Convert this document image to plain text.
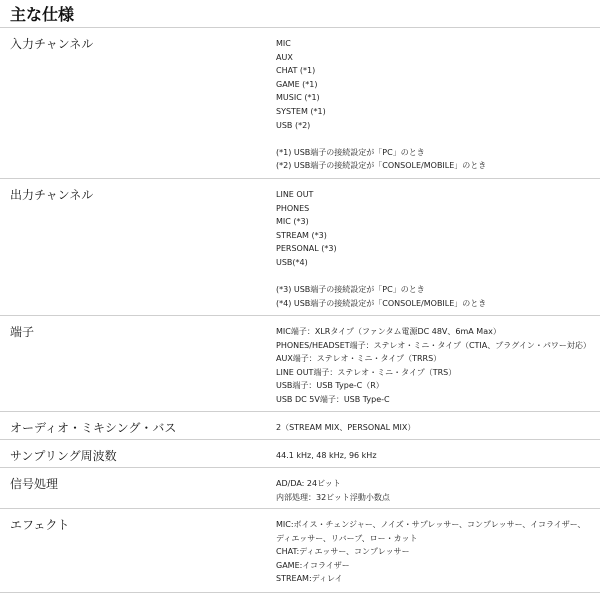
主な仕様
入力チャンネル	MIC
AUX
CHAT (*1)
GAME (*1)
MUSIC (*1)
SYSTEM (*1)
USB (*2)
(*1) USB端子の接続設定が「PC」のとき
(*2) USB端子の接続設定が「CONSOLE/MOBILE」のとき
出力チャンネル	LINE OUT
PHONES
MIC (*3)
STREAM (*3)
PERSONAL (*3)
USB(*4)
(*3) USB端子の接続設定が「PC」のとき
(*4) USB端子の接続設定が「CONSOLE/MOBILE」のとき
端子	MIC端子：XLRタイプ（ファンタム電源DC 48V、6mA Max）
PHONES/HEADSET端子：ステレオ・ミニ・タイプ（CTIA、プラグイン・パワー対応）
AUX端子：ステレオ・ミニ・タイプ（TRRS）
LINE OUT端子：ステレオ・ミニ・タイプ（TRS）
USB端子：USB Type-C（R）
USB DC 5V端子：USB Type-C
オーディオ・ミキシング・バス	2（STREAM MIX、PERSONAL MIX）
サンプリング周波数	44.1 kHz, 48 kHz, 96 kHz
信号処理	AD/DA: 24ビット
内部処理：32ビット浮動小数点
エフェクト	MIC:ボイス・チェンジャー、ノイズ・サプレッサー、コンプレッサー、イコライザー、
ディエッサー、リバーブ、ロー・カット
CHAT:ディエッサー、コンプレッサー
GAME:イコライザー
STREAM:ディレイ
